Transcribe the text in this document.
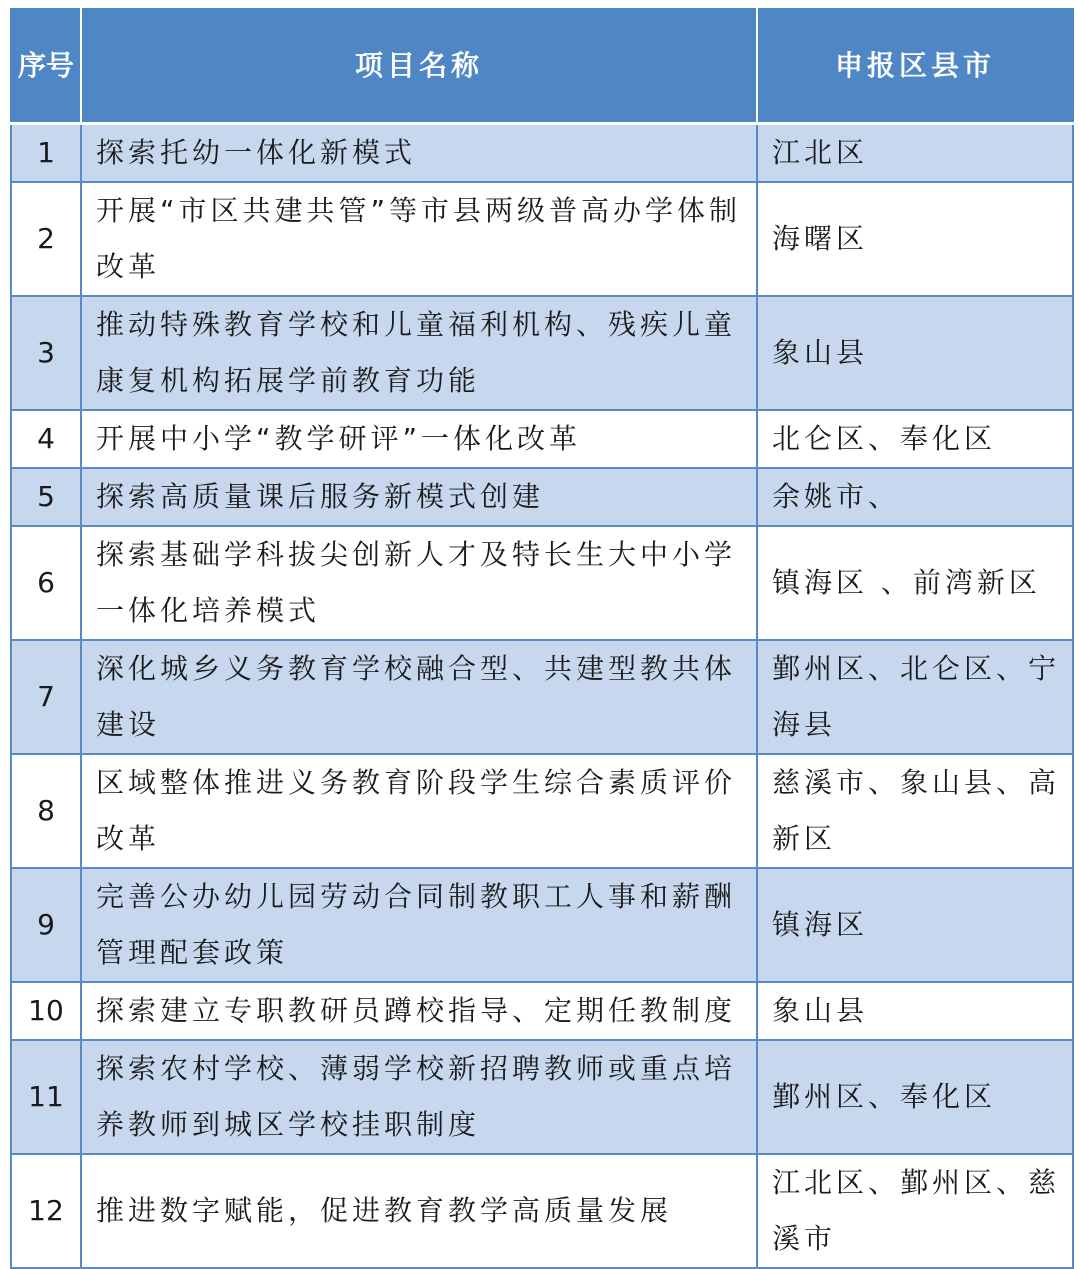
序号	项目名称	申报区县市
1	探索托幼一体化新模式	江北区
2	开展“市区共建共管”等市县两级普高办学体制改革	海曙区
3	推动特殊教育学校和儿童福利机构、残疾儿童康复机构拓展学前教育功能	象山县
4	开展中小学“教学研评”一体化改革	北仑区、奉化区
5	探索高质量课后服务新模式创建	余姚市、
6	探索基础学科拔尖创新人才及特长生大中小学一体化培养模式	镇海区 、前湾新区
7	深化城乡义务教育学校融合型、共建型教共体建设	鄞州区、北仑区、宁海县
8	区域整体推进义务教育阶段学生综合素质评价改革	慈溪市、象山县、高新区
9	完善公办幼儿园劳动合同制教职工人事和薪酬管理配套政策	镇海区
10	探索建立专职教研员蹲校指导、定期任教制度	象山县
11	探索农村学校、薄弱学校新招聘教师或重点培养教师到城区学校挂职制度	鄞州区、奉化区
12	推进数字赋能，促进教育教学高质量发展	江北区、鄞州区、慈溪市
